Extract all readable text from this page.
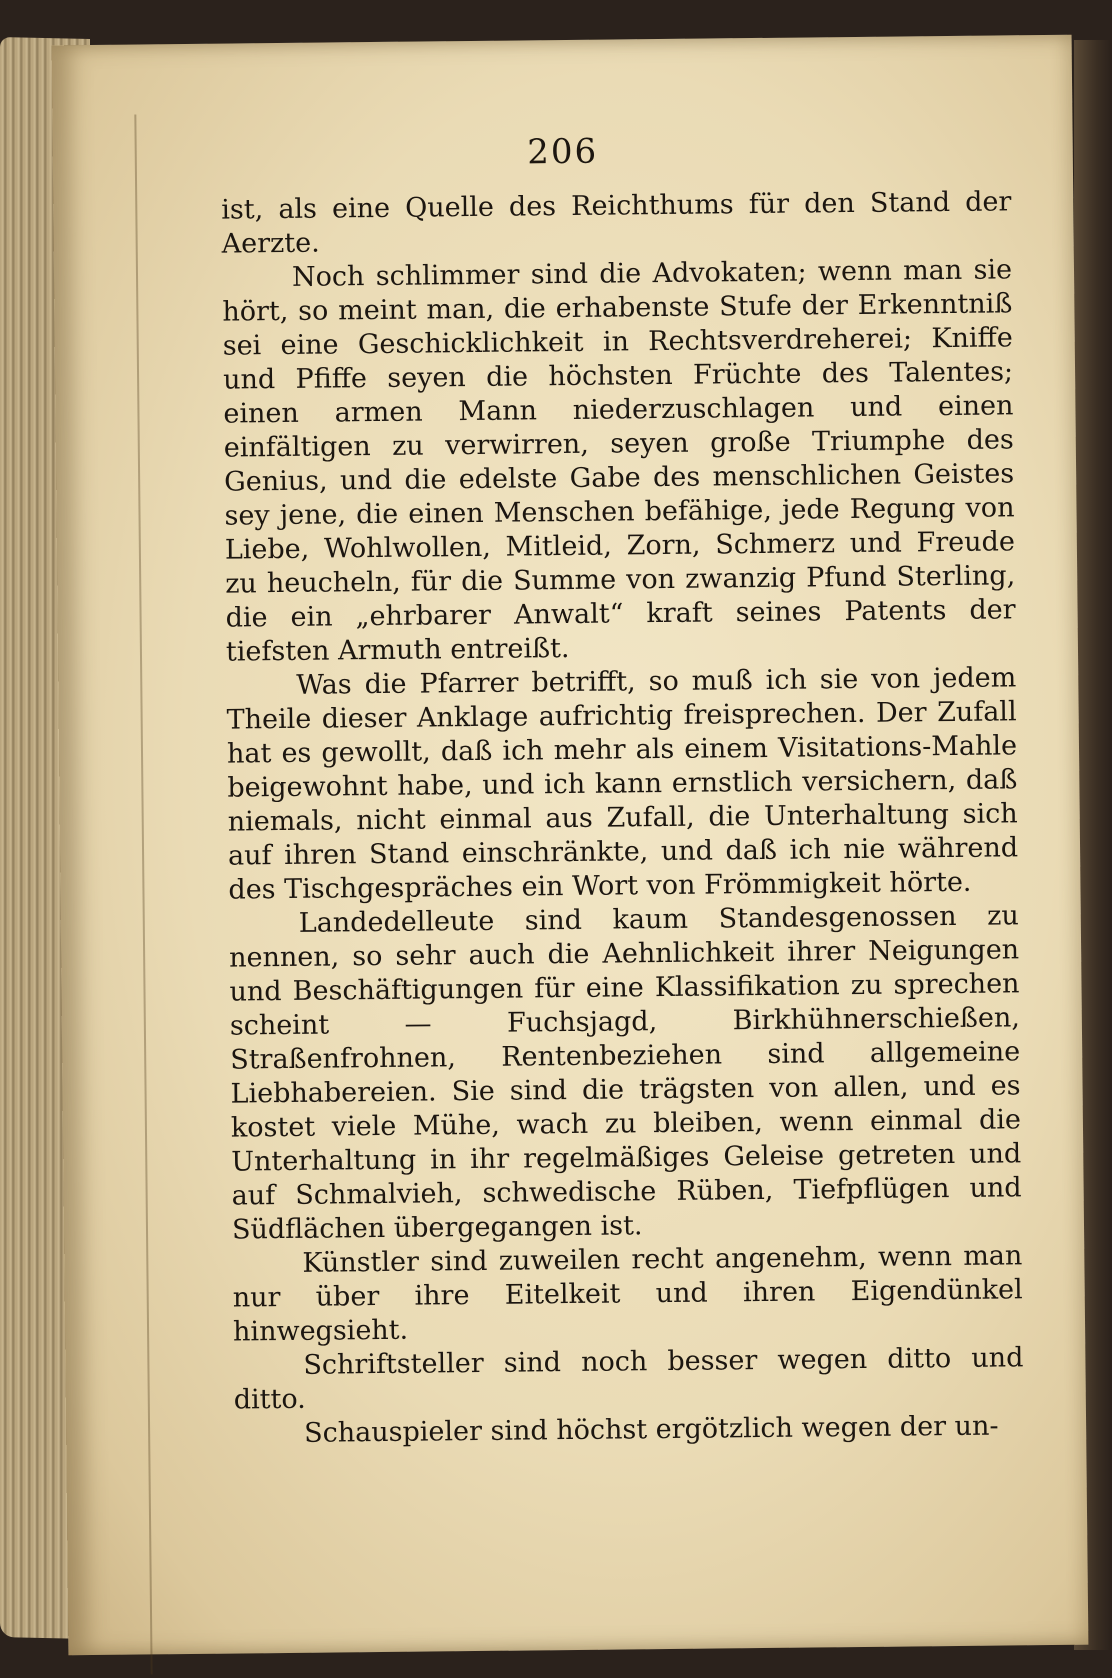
206

ist, als eine Quelle des Reichthums für den Stand der Aerzte.

Noch schlimmer sind die Advokaten; wenn man sie hört, so meint man, die erhabenste Stufe der Erkenntniß sei eine Geschicklichkeit in Rechtsverdreherei; Kniffe und Pfiffe seyen die höchsten Früchte des Talentes; einen armen Mann niederzuschlagen und einen einfältigen zu verwirren, seyen große Triumphe des Genius, und die edelste Gabe des menschlichen Geistes sey jene, die einen Menschen befähige, jede Regung von Liebe, Wohlwollen, Mitleid, Zorn, Schmerz und Freude zu heucheln, für die Summe von zwanzig Pfund Sterling, die ein „ehrbarer Anwalt“ kraft seines Patents der tiefsten Armuth entreißt.

Was die Pfarrer betrifft, so muß ich sie von jedem Theile dieser Anklage aufrichtig freisprechen. Der Zufall hat es gewollt, daß ich mehr als einem Visitations-Mahle beigewohnt habe, und ich kann ernstlich versichern, daß niemals, nicht einmal aus Zufall, die Unterhaltung sich auf ihren Stand einschränkte, und daß ich nie während des Tischgespräches ein Wort von Frömmigkeit hörte.

Landedelleute sind kaum Standesgenossen zu nennen, so sehr auch die Aehnlichkeit ihrer Neigungen und Beschäftigungen für eine Klassifikation zu sprechen scheint — Fuchsjagd, Birkhühnerschießen, Straßenfrohnen, Rentenbeziehen sind allgemeine Liebhabereien. Sie sind die trägsten von allen, und es kostet viele Mühe, wach zu bleiben, wenn einmal die Unterhaltung in ihr regelmäßiges Geleise getreten und auf Schmalvieh, schwedische Rüben, Tiefpflügen und Südflächen übergegangen ist.

Künstler sind zuweilen recht angenehm, wenn man nur über ihre Eitelkeit und ihren Eigendünkel hinwegsieht.

Schriftsteller sind noch besser wegen ditto und ditto.

Schauspieler sind höchst ergötzlich wegen der un-
